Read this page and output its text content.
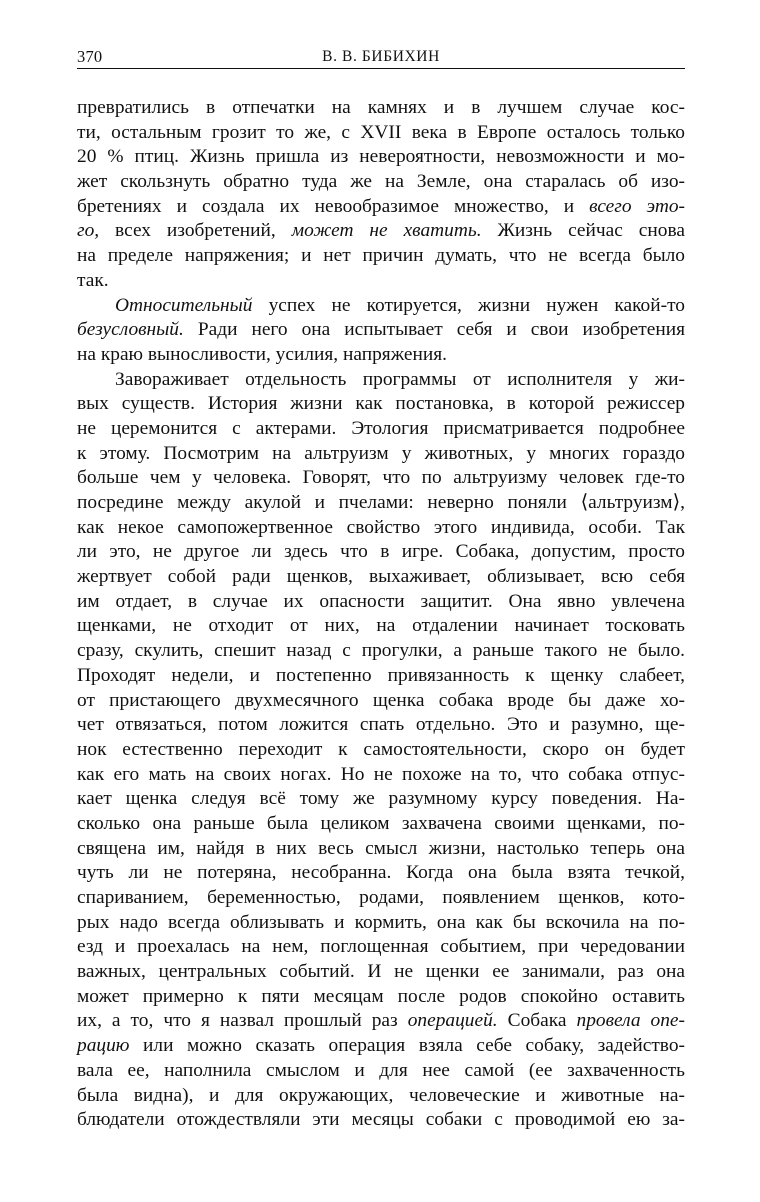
370	В. В. БИБИХИН
превратились в отпечатки на камнях и в лучшем случае кос-
ти, остальным грозит то же, с XVII века в Европе осталось только
20 % птиц. Жизнь пришла из невероятности, невозможности и мо-
жет скользнуть обратно туда же на Земле, она старалась об изо-
бретениях и создала их невообразимое множество, и всего это-
го, всех изобретений, может не хватить. Жизнь сейчас снова
на пределе напряжения; и нет причин думать, что не всегда было
так.
Относительный успех не котируется, жизни нужен какой-то
безусловный. Ради него она испытывает себя и свои изобретения
на краю выносливости, усилия, напряжения.
Завораживает отдельность программы от исполнителя у жи-
вых существ. История жизни как постановка, в которой режиссер
не церемонится с актерами. Этология присматривается подробнее
к этому. Посмотрим на альтруизм у животных, у многих гораздо
больше чем у человека. Говорят, что по альтруизму человек где-то
посредине между акулой и пчелами: неверно поняли ⟨альтруизм⟩,
как некое самопожертвенное свойство этого индивида, особи. Так
ли это, не другое ли здесь что в игре. Собака, допустим, просто
жертвует собой ради щенков, выхаживает, облизывает, всю себя
им отдает, в случае их опасности защитит. Она явно увлечена
щенками, не отходит от них, на отдалении начинает тосковать
сразу, скулить, спешит назад с прогулки, а раньше такого не было.
Проходят недели, и постепенно привязанность к щенку слабеет,
от пристающего двухмесячного щенка собака вроде бы даже хо-
чет отвязаться, потом ложится спать отдельно. Это и разумно, ще-
нок естественно переходит к самостоятельности, скоро он будет
как его мать на своих ногах. Но не похоже на то, что собака отпус-
кает щенка следуя всё тому же разумному курсу поведения. На-
сколько она раньше была целиком захвачена своими щенками, по-
священа им, найдя в них весь смысл жизни, настолько теперь она
чуть ли не потеряна, несобранна. Когда она была взята течкой,
спариванием, беременностью, родами, появлением щенков, кото-
рых надо всегда облизывать и кормить, она как бы вскочила на по-
езд и проехалась на нем, поглощенная событием, при чередовании
важных, центральных событий. И не щенки ее занимали, раз она
может примерно к пяти месяцам после родов спокойно оставить
их, а то, что я назвал прошлый раз операцией. Собака провела опе-
рацию или можно сказать операция взяла себе собаку, задейство-
вала ее, наполнила смыслом и для нее самой (ее захваченность
была видна), и для окружающих, человеческие и животные на-
блюдатели отождествляли эти месяцы собаки с проводимой ею за-
